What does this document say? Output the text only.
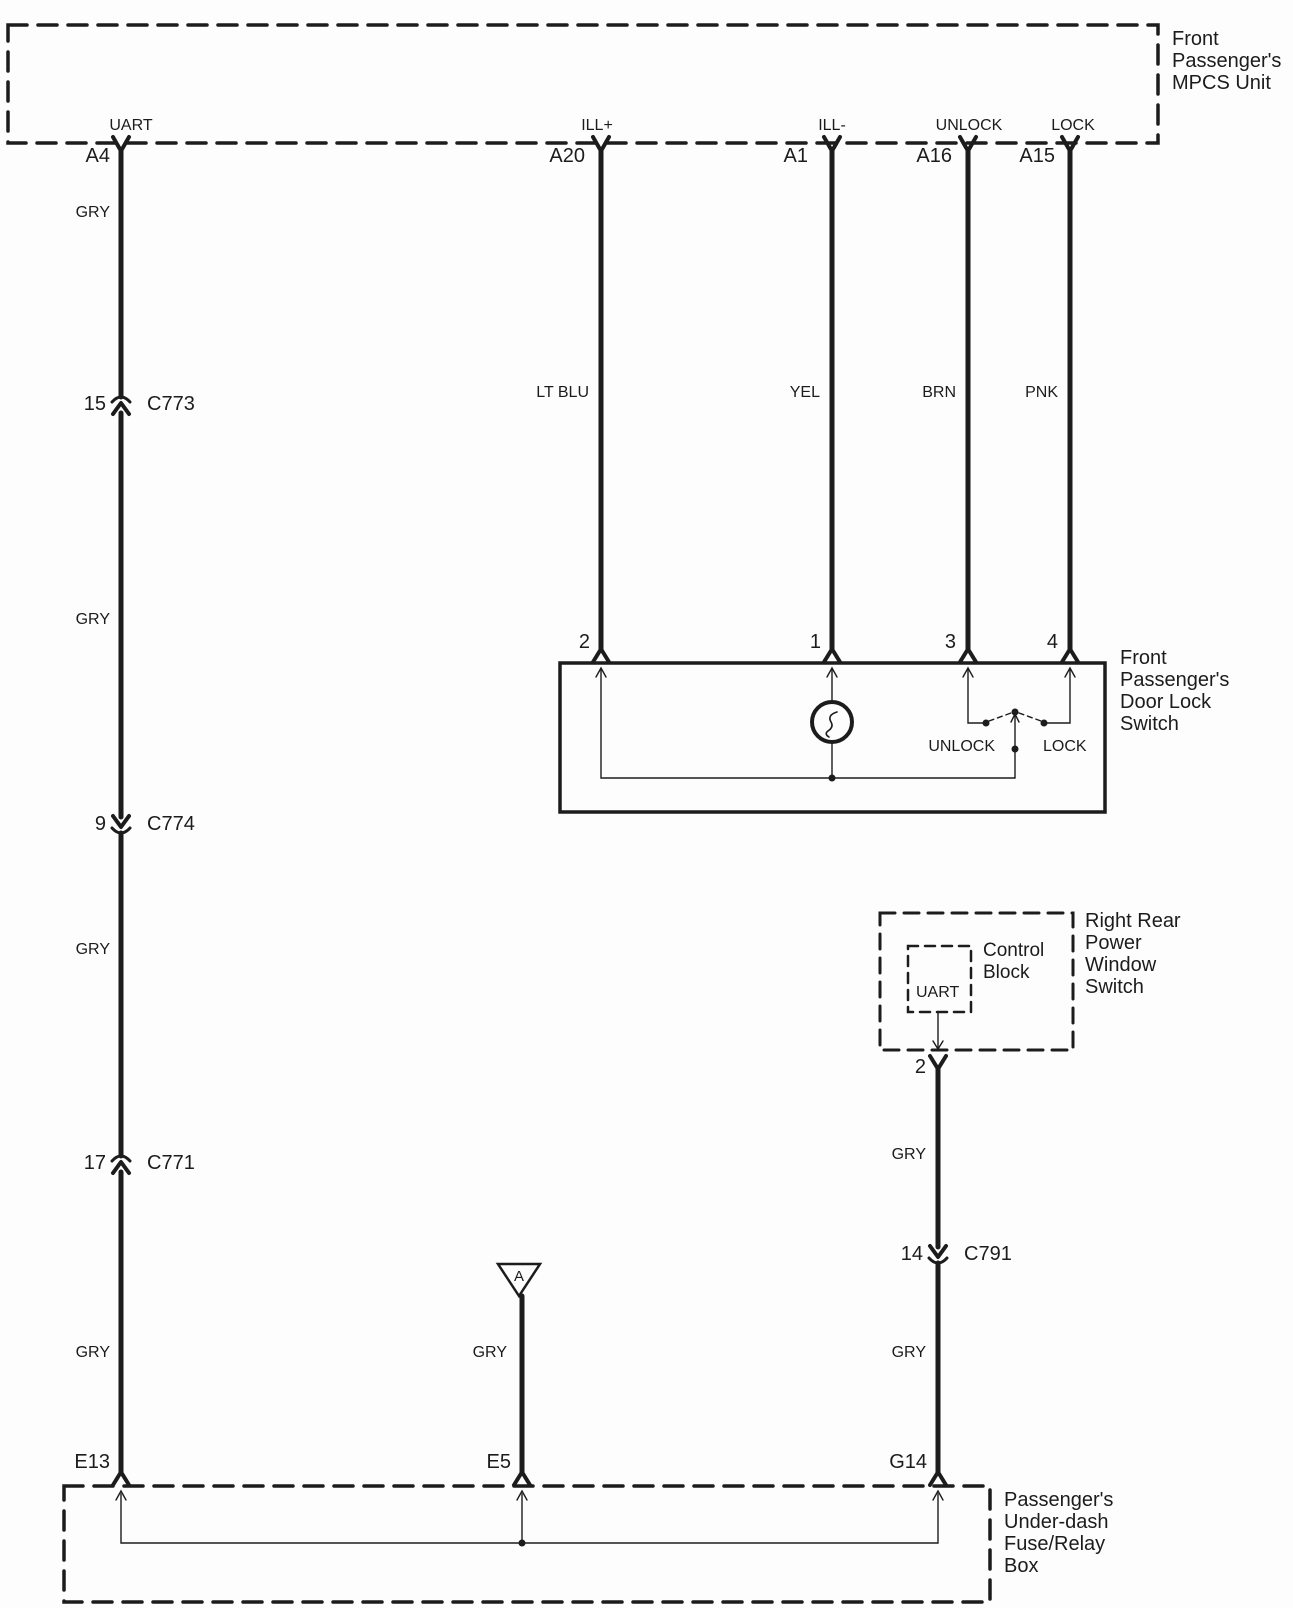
UART	ILL+	ILL-	UNLOCK	LOCK
Front
Passenger's
MPCS Unit
A4	A20	A1	A16	A15
GRY
GRY
GRY
GRY
LT BLU	YEL	BRN	PNK
GRY
GRY
GRY
15 C773
9 C774
17 C771
14 C791
2	1	3	4
UNLOCK	LOCK
Front
Passenger's
Door Lock
Switch
Right Rear
Power
Window
Switch
Control
Block
UART
2
E13	E5	G14
Passenger's
Under-dash
Fuse/Relay
Box
A
